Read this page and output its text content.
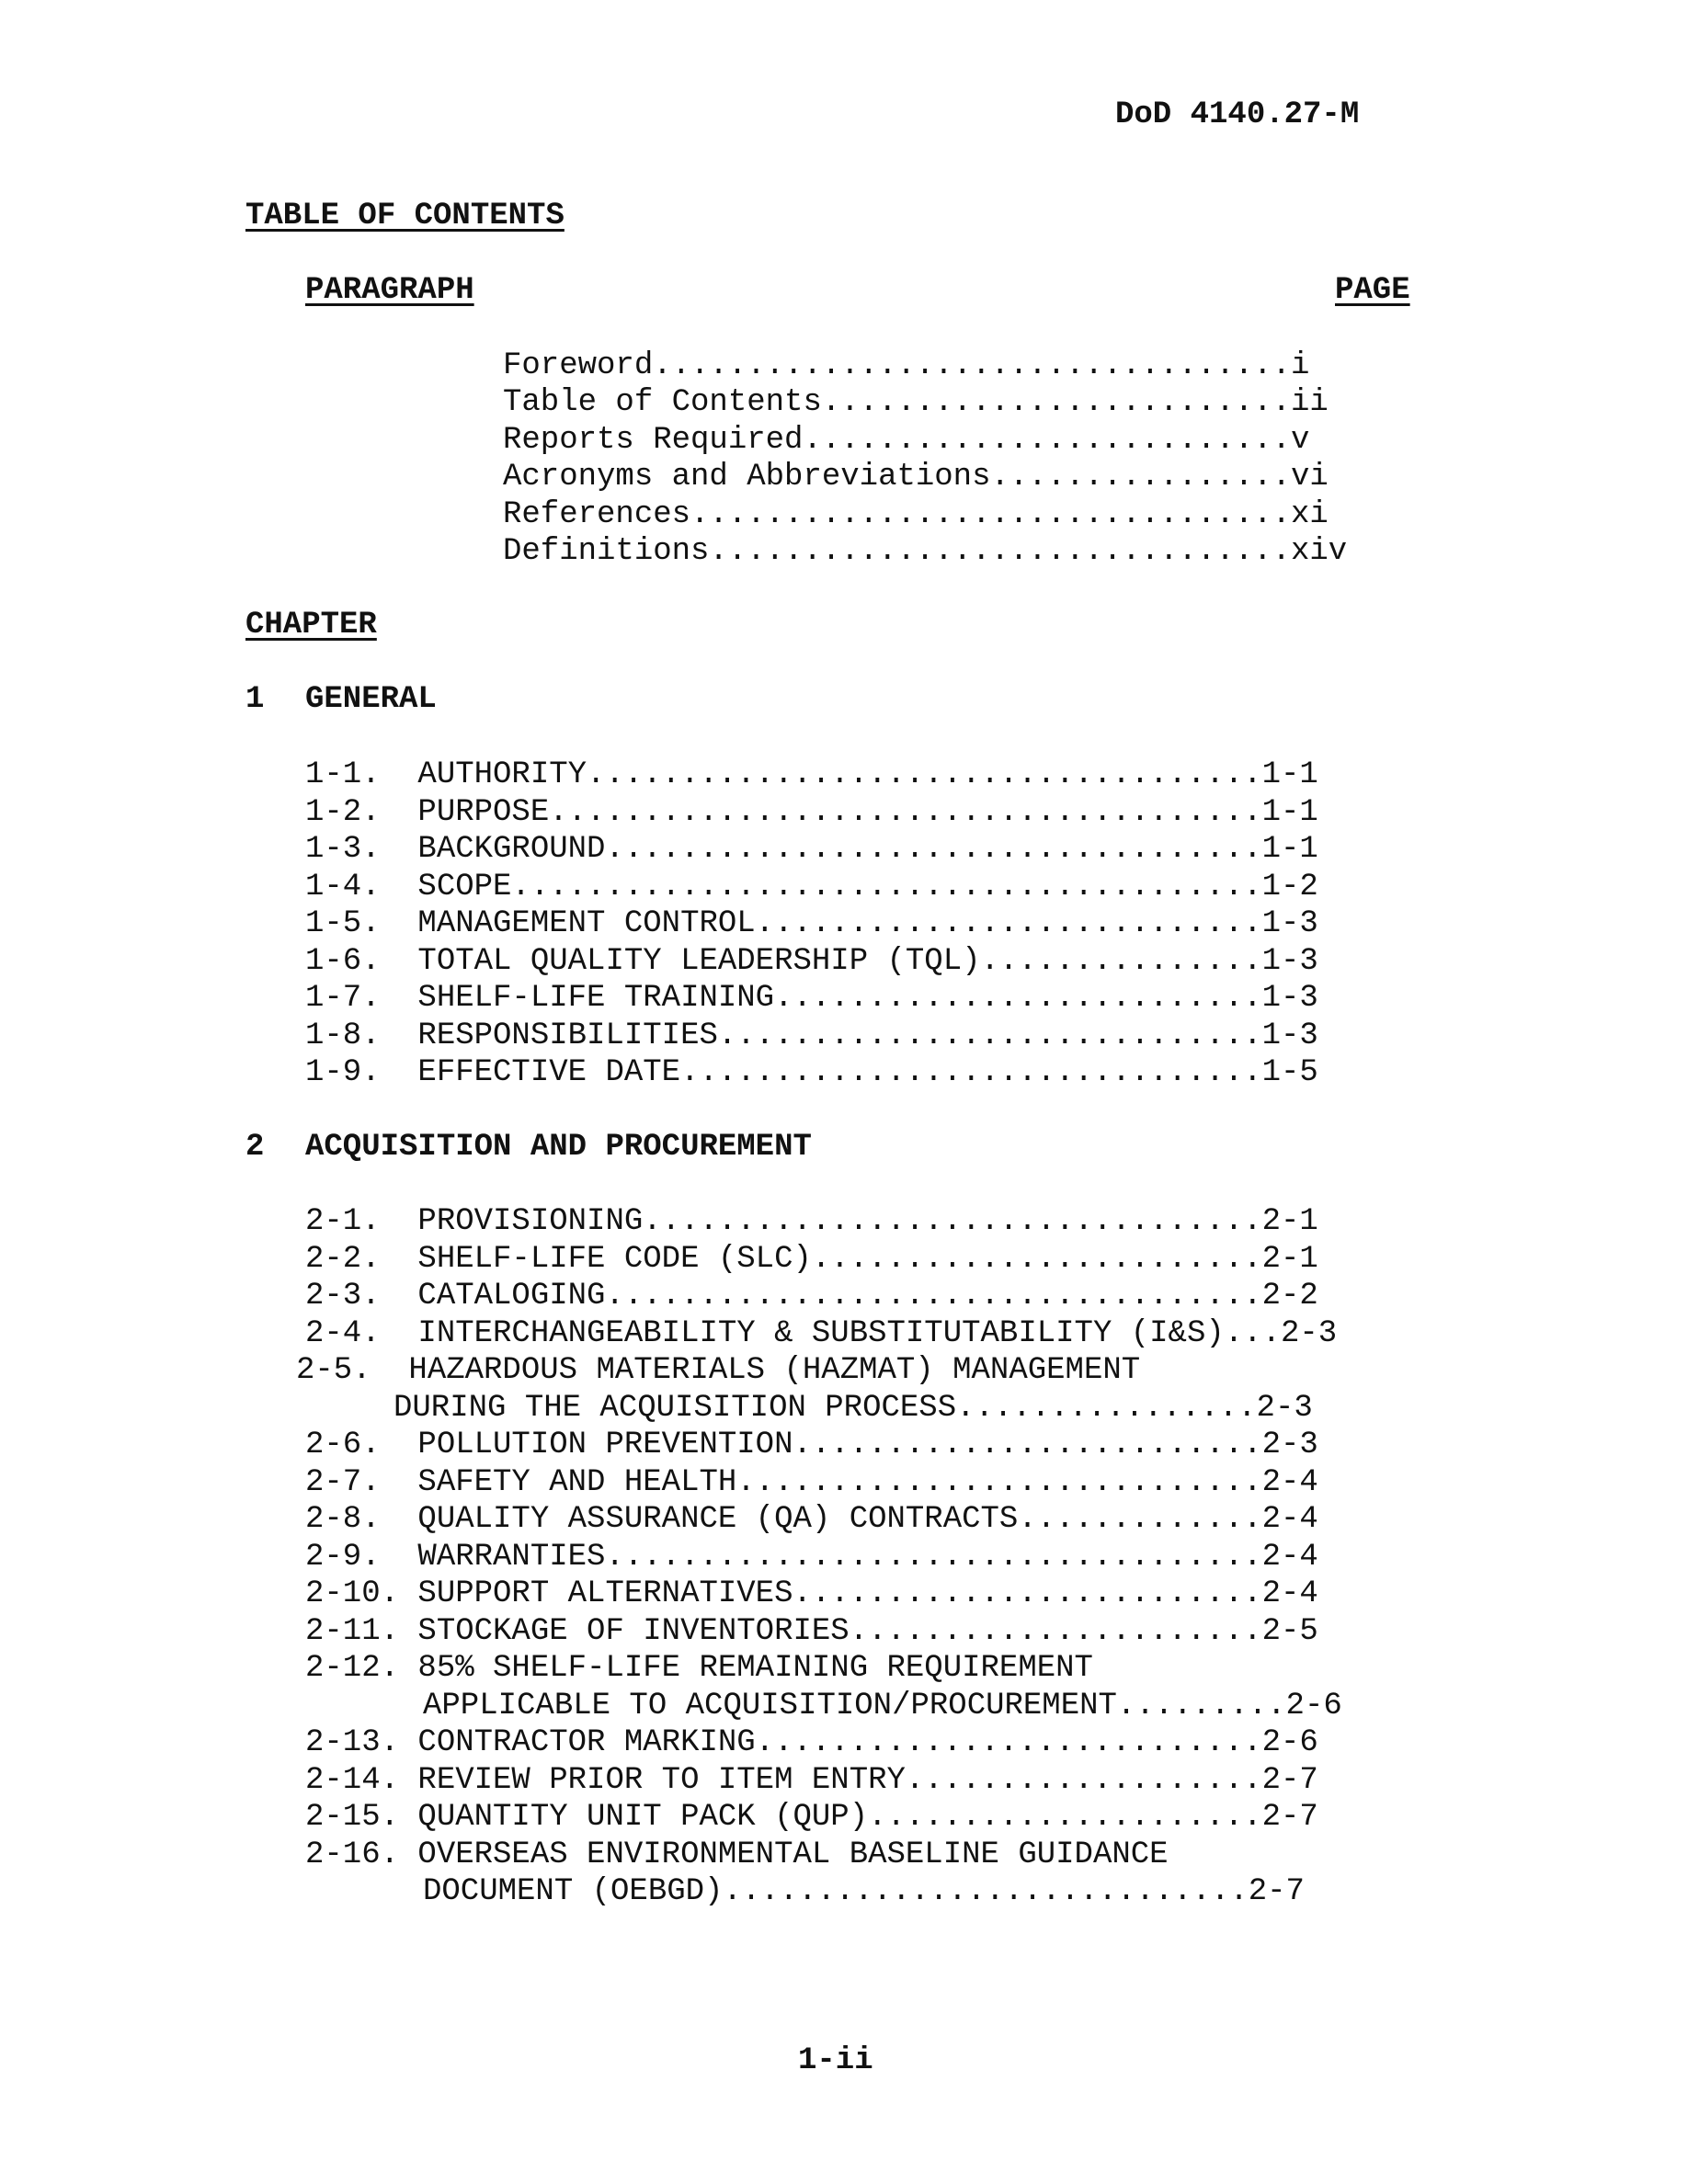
DoD 4140.27-M
TABLE OF CONTENTS
PARAGRAPH	PAGE
Foreword..................................i
Table of Contents.........................ii
Reports Required..........................v
Acronyms and Abbreviations................vi
References................................xi
Definitions...............................xiv
CHAPTER
1 GENERAL
1-1.  AUTHORITY....................................1-1
1-2.  PURPOSE......................................1-1
1-3.  BACKGROUND...................................1-1
1-4.  SCOPE........................................1-2
1-5.  MANAGEMENT CONTROL...........................1-3
1-6.  TOTAL QUALITY LEADERSHIP (TQL)...............1-3
1-7.  SHELF-LIFE TRAINING..........................1-3
1-8.  RESPONSIBILITIES.............................1-3
1-9.  EFFECTIVE DATE...............................1-5
2 ACQUISITION AND PROCUREMENT
2-1.  PROVISIONING.................................2-1
2-2.  SHELF-LIFE CODE (SLC)........................2-1
2-3.  CATALOGING...................................2-2
2-4.  INTERCHANGEABILITY & SUBSTITUTABILITY (I&S)...2-3
2-5.  HAZARDOUS MATERIALS (HAZMAT) MANAGEMENT
DURING THE ACQUISITION PROCESS................2-3
2-6.  POLLUTION PREVENTION.........................2-3
2-7.  SAFETY AND HEALTH............................2-4
2-8.  QUALITY ASSURANCE (QA) CONTRACTS.............2-4
2-9.  WARRANTIES...................................2-4
2-10. SUPPORT ALTERNATIVES.........................2-4
2-11. STOCKAGE OF INVENTORIES......................2-5
2-12. 85% SHELF-LIFE REMAINING REQUIREMENT
APPLICABLE TO ACQUISITION/PROCUREMENT.........2-6
2-13. CONTRACTOR MARKING...........................2-6
2-14. REVIEW PRIOR TO ITEM ENTRY...................2-7
2-15. QUANTITY UNIT PACK (QUP).....................2-7
2-16. OVERSEAS ENVIRONMENTAL BASELINE GUIDANCE
DOCUMENT (OEBGD)............................2-7
1-ii
